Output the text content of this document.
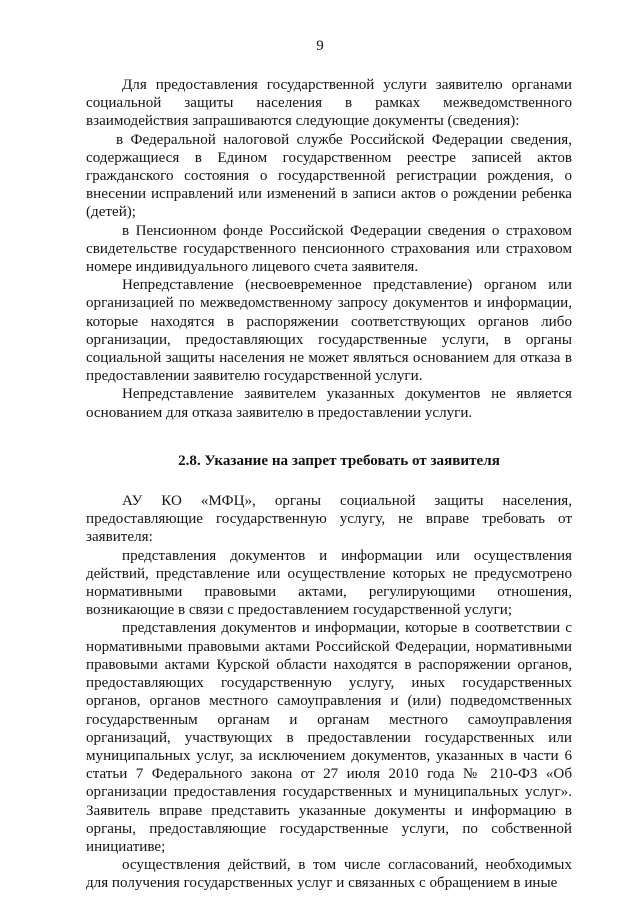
9

Для предоставления государственной услуги заявителю органами социальной защиты населения в рамках межведомственного взаимодействия запрашиваются следующие документы (сведения):

в Федеральной налоговой службе Российской Федерации сведения, содержащиеся в Едином государственном реестре записей актов гражданского состояния о государственной регистрации рождения, о внесении исправлений или изменений в записи актов о рождении ребенка (детей);

в Пенсионном фонде Российской Федерации сведения о страховом свидетельстве государственного пенсионного страхования или страховом номере индивидуального лицевого счета заявителя.

Непредставление (несвоевременное представление) органом или организацией по межведомственному запросу документов и информации, которые находятся в распоряжении соответствующих органов либо организации, предоставляющих государственные услуги, в органы социальной защиты населения не может являться основанием для отказа в предоставлении заявителю государственной услуги.

Непредставление заявителем указанных документов не является основанием для отказа заявителю в предоставлении услуги.

2.8. Указание на запрет требовать от заявителя

АУ КО «МФЦ», органы социальной защиты населения, предоставляющие государственную услугу, не вправе требовать от заявителя:

представления документов и информации или осуществления действий, представление или осуществление которых не предусмотрено нормативными правовыми актами, регулирующими отношения, возникающие в связи с предоставлением государственной услуги;

представления документов и информации, которые в соответствии с нормативными правовыми актами Российской Федерации, нормативными правовыми актами Курской области находятся в распоряжении органов, предоставляющих государственную услугу, иных государственных органов, органов местного самоуправления и (или) подведомственных государственным органам и органам местного самоуправления организаций, участвующих в предоставлении государственных или муниципальных услуг, за исключением документов, указанных в части 6 статьи 7 Федерального закона от 27 июля 2010 года № 210-ФЗ «Об организации предоставления государственных и муниципальных услуг». Заявитель вправе представить указанные документы и информацию в органы, предоставляющие государственные услуги, по собственной инициативе;

осуществления действий, в том числе согласований, необходимых для получения государственных услуг и связанных с обращением в иные
